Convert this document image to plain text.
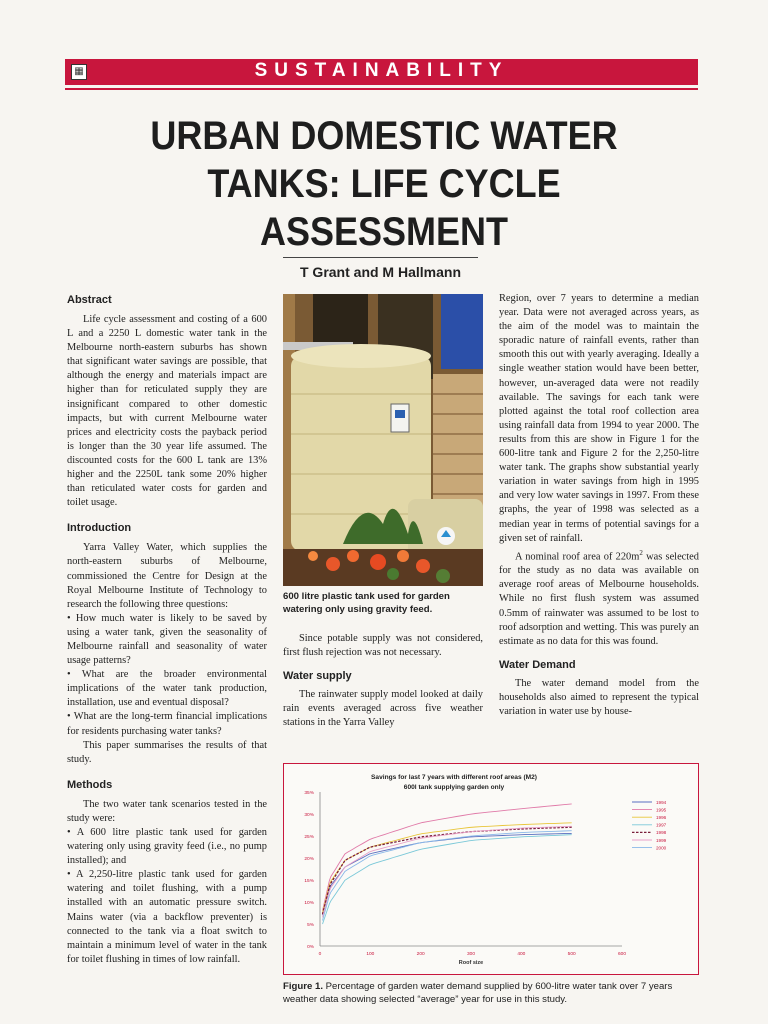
▦	SUSTAINABILITY
URBAN DOMESTIC WATER TANKS: LIFE CYCLE ASSESSMENT
T Grant and M Hallmann
Abstract

Life cycle assessment and costing of a 600 L and a 2250 L domestic water tank in the Melbourne north-eastern suburbs has shown that significant water savings are possible, that although the energy and materials impact are higher than for reticulated supply they are insignificant compared to other domestic impacts, but with current Melbourne water prices and electricity costs the payback period is longer than the 30 year life assumed. The discounted costs for the 600 L tank are 13% higher and the 2250L tank some 20% higher than reticulated water costs for garden and toilet usage.

Introduction

Yarra Valley Water, which supplies the north-eastern suburbs of Melbourne, commissioned the Centre for Design at the Royal Melbourne Institute of Technology to research the following three questions:

• How much water is likely to be saved by using a water tank, given the seasonality of Melbourne rainfall and seasonality of water usage patterns?

• What are the broader environmental implications of the water tank production, installation, use and eventual disposal?

• What are the long-term financial implications for residents purchasing water tanks?

This paper summarises the results of that study.

Methods

The two water tank scenarios tested in the study were:

• A 600 litre plastic tank used for garden watering only using gravity feed (i.e., no pump installed); and

• A 2,250-litre plastic tank used for garden watering and toilet flushing, with a pump installed with an automatic pressure switch. Mains water (via a backflow preventer) is connected to the tank via a float switch to maintain a minimum level of water in the tank for toilet flushing in times of low rainfall.

600 litre plastic tank used for garden watering only using gravity feed.

Since potable supply was not considered, first flush rejection was not necessary.

Water supply

The rainwater supply model looked at daily rain events averaged across five weather stations in the Yarra Valley

Region, over 7 years to determine a median year. Data were not averaged across years, as the aim of the model was to maintain the sporadic nature of rainfall events, rather than smooth this out with yearly averaging. Ideally a single weather station would have been better, however, un-averaged data were not readily available. The savings for each tank were plotted against the total roof collection area using rainfall data from 1994 to year 2000. The results from this are show in Figure 1 for the 600-litre tank and Figure 2 for the 2,250-litre water tank. The graphs show substantial yearly variation in water savings from high in 1995 and very low water savings in 1997. From these graphs, the year of 1998 was selected as a median year in terms of potential savings for a given set of rainfall.

A nominal roof area of $220m^2$ was selected for the study as no data was available on average roof areas of Melbourne households. While no first flush system was assumed 0.5mm of rainwater was assumed to be lost to roof adsorption and wetting. This was purely an estimate as no data for this was found.

Water Demand

The water demand model from the households also aimed to represent the typical variation in water use by house-

Savings for last 7 years with different roof areas (M2)
600l tank supplying garden only
0%
5%
10%
15%
20%
25%
30%
35%
0	100	200	300	400	500	600
1994
1995
1996
1997
1998
1999
2000
Roof size
Figure 1. Percentage of garden water demand supplied by 600-litre water tank over 7 years weather data showing selected “average” year for use in this study.
